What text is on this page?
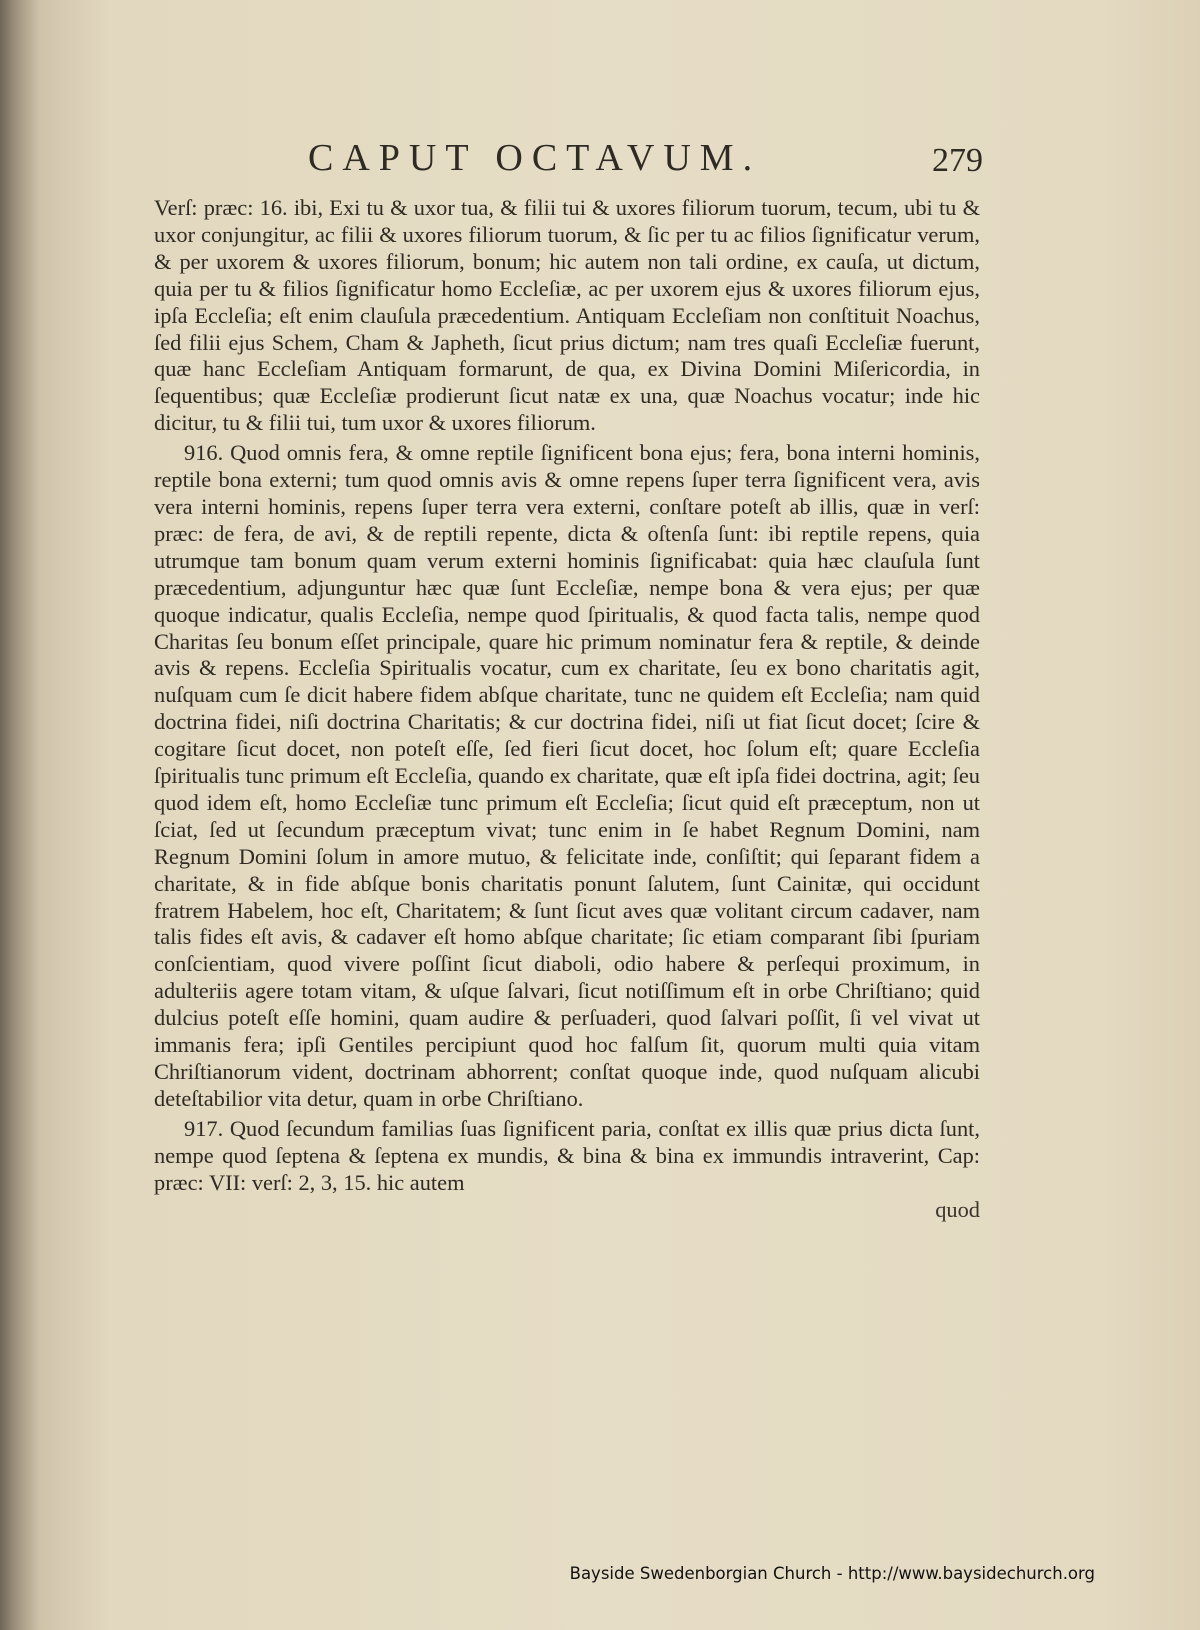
CAPUT OCTAVUM.	279

Verſ: præc: 16. ibi, Exi tu & uxor tua, & filii tui & uxores filiorum tuorum, tecum, ubi tu & uxor conjungitur, ac filii & uxores filiorum tuorum, & ſic per tu ac filios ſignificatur verum, & per uxorem & uxores filiorum, bonum; hic autem non tali ordine, ex cauſa, ut dictum, quia per tu & filios ſignificatur homo Eccleſiæ, ac per uxorem ejus & uxores filiorum ejus, ipſa Eccleſia; eſt enim clauſula præcedentium. Antiquam Eccleſiam non conſtituit Noachus, ſed filii ejus Schem, Cham & Japheth, ſicut prius dictum; nam tres quaſi Eccleſiæ fuerunt, quæ hanc Eccleſiam Antiquam formarunt, de qua, ex Divina Domini Miſericordia, in ſequentibus; quæ Eccleſiæ prodierunt ſicut natæ ex una, quæ Noachus vocatur; inde hic dicitur, tu & filii tui, tum uxor & uxores filiorum.

916. Quod omnis fera, & omne reptile ſignificent bona ejus; fera, bona interni hominis, reptile bona externi; tum quod omnis avis & omne repens ſuper terra ſignificent vera, avis vera interni hominis, repens ſuper terra vera externi, conſtare poteſt ab illis, quæ in verſ: præc: de fera, de avi, & de reptili repente, dicta & oſtenſa ſunt: ibi reptile repens, quia utrumque tam bonum quam verum externi hominis ſignificabat: quia hæc clauſula ſunt præcedentium, adjunguntur hæc quæ ſunt Eccleſiæ, nempe bona & vera ejus; per quæ quoque indicatur, qualis Eccleſia, nempe quod ſpiritualis, & quod facta talis, nempe quod Charitas ſeu bonum eſſet principale, quare hic primum nominatur fera & reptile, & deinde avis & repens. Eccleſia Spiritualis vocatur, cum ex charitate, ſeu ex bono charitatis agit, nuſquam cum ſe dicit habere fidem abſque charitate, tunc ne quidem eſt Eccleſia; nam quid doctrina fidei, niſi doctrina Charitatis; & cur doctrina fidei, niſi ut fiat ſicut docet; ſcire & cogitare ſicut docet, non poteſt eſſe, ſed fieri ſicut docet, hoc ſolum eſt; quare Eccleſia ſpiritualis tunc primum eſt Eccleſia, quando ex charitate, quæ eſt ipſa fidei doctrina, agit; ſeu quod idem eſt, homo Eccleſiæ tunc primum eſt Eccleſia; ſicut quid eſt præceptum, non ut ſciat, ſed ut ſecundum præceptum vivat; tunc enim in ſe habet Regnum Domini, nam Regnum Domini ſolum in amore mutuo, & felicitate inde, conſiſtit; qui ſeparant fidem a charitate, & in fide abſque bonis charitatis ponunt ſalutem, ſunt Cainitæ, qui occidunt fratrem Habelem, hoc eſt, Charitatem; & ſunt ſicut aves quæ volitant circum cadaver, nam talis fides eſt avis, & cadaver eſt homo abſque charitate; ſic etiam comparant ſibi ſpuriam conſcientiam, quod vivere poſſint ſicut diaboli, odio habere & perſequi proximum, in adulteriis agere totam vitam, & uſque ſalvari, ſicut notiſſimum eſt in orbe Chriſtiano; quid dulcius poteſt eſſe homini, quam audire & perſuaderi, quod ſalvari poſſit, ſi vel vivat ut immanis fera; ipſi Gentiles percipiunt quod hoc falſum ſit, quorum multi quia vitam Chriſtianorum vident, doctrinam abhorrent; conſtat quoque inde, quod nuſquam alicubi deteſtabilior vita detur, quam in orbe Chriſtiano.

917. Quod ſecundum familias ſuas ſignificent paria, conſtat ex illis quæ prius dicta ſunt, nempe quod ſeptena & ſeptena ex mundis, & bina & bina ex immundis intraverint, Cap: præc: VII: verſ: 2, 3, 15. hic autem

quod
Bayside Swedenborgian Church - http://www.baysidechurch.org
